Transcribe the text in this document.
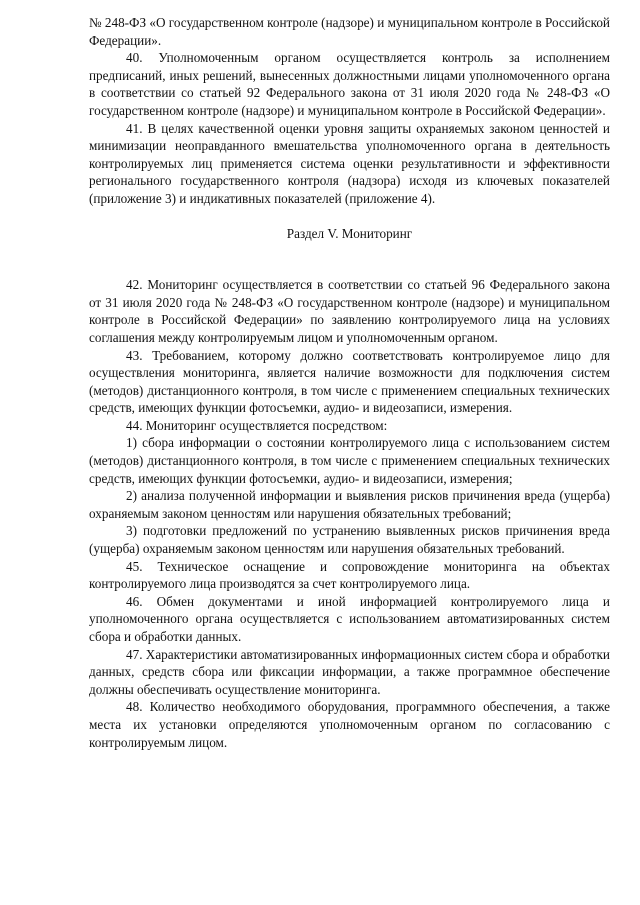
№ 248-ФЗ «О государственном контроле (надзоре) и муниципальном контроле в Российской Федерации».

40. Уполномоченным органом осуществляется контроль за исполнением предписаний, иных решений, вынесенных должностными лицами уполномоченного органа в соответствии со статьей 92 Федерального закона от 31 июля 2020 года № 248-ФЗ «О государственном контроле (надзоре) и муниципальном контроле в Российской Федерации».

41. В целях качественной оценки уровня защиты охраняемых законом ценностей и минимизации неоправданного вмешательства уполномоченного органа в деятельность контролируемых лиц применяется система оценки результативности и эффективности регионального государственного контроля (надзора) исходя из ключевых показателей (приложение 3) и индикативных показателей (приложение 4).

Раздел V. Мониторинг

42. Мониторинг осуществляется в соответствии со статьей 96 Федерального закона от 31 июля 2020 года № 248-ФЗ «О государственном контроле (надзоре) и муниципальном контроле в Российской Федерации» по заявлению контролируемого лица на условиях соглашения между контролируемым лицом и уполномоченным органом.

43. Требованием, которому должно соответствовать контролируемое лицо для осуществления мониторинга, является наличие возможности для подключения систем (методов) дистанционного контроля, в том числе с применением специальных технических средств, имеющих функции фотосъемки, аудио- и видеозаписи, измерения.

44. Мониторинг осуществляется посредством:

1) сбора информации о состоянии контролируемого лица с использованием систем (методов) дистанционного контроля, в том числе с применением специальных технических средств, имеющих функции фотосъемки, аудио- и видеозаписи, измерения;

2) анализа полученной информации и выявления рисков причинения вреда (ущерба) охраняемым законом ценностям или нарушения обязательных требований;

3) подготовки предложений по устранению выявленных рисков причинения вреда (ущерба) охраняемым законом ценностям или нарушения обязательных требований.

45. Техническое оснащение и сопровождение мониторинга на объектах контролируемого лица производятся за счет контролируемого лица.

46. Обмен документами и иной информацией контролируемого лица и уполномоченного органа осуществляется с использованием автоматизированных систем сбора и обработки данных.

47. Характеристики автоматизированных информационных систем сбора и обработки данных, средств сбора или фиксации информации, а также программное обеспечение должны обеспечивать осуществление мониторинга.

48. Количество необходимого оборудования, программного обеспечения, а также места их установки определяются уполномоченным органом по согласованию с контролируемым лицом.
